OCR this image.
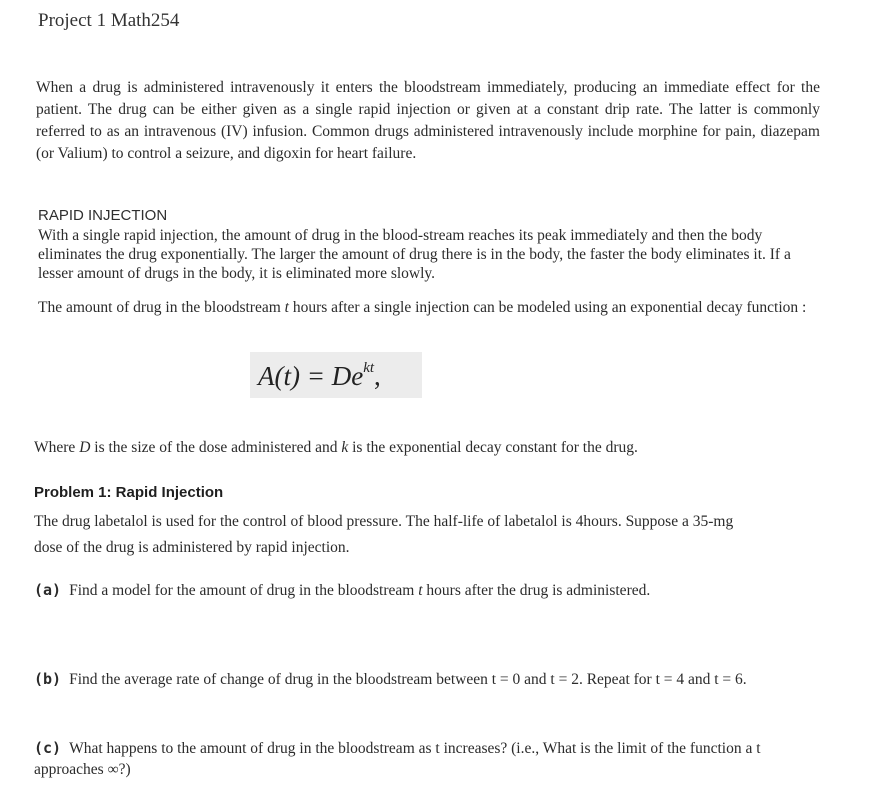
Project 1 Math254
When a drug is administered intravenously it enters the bloodstream immediately, producing an immediate effect for the patient. The drug can be either given as a single rapid injection or given at a constant drip rate. The latter is commonly referred to as an intravenous (IV) infusion. Common drugs administered intravenously include morphine for pain, diazepam (or Valium) to control a seizure, and digoxin for heart failure.
RAPID INJECTION
With a single rapid injection, the amount of drug in the blood-stream reaches its peak immediately and then the body eliminates the drug exponentially. The larger the amount of drug there is in the body, the faster the body eliminates it. If a lesser amount of drugs in the body, it is eliminated more slowly.
The amount of drug in the bloodstream t hours after a single injection can be modeled using an exponential decay function :
$A(t) = De^{kt}$,
Where D is the size of the dose administered and k is the exponential decay constant for the drug.
Problem 1: Rapid Injection
The drug labetalol is used for the control of blood pressure. The half-life of labetalol is 4hours. Suppose a 35-mg dose of the drug is administered by rapid injection.
(a) Find a model for the amount of drug in the bloodstream t hours after the drug is administered.
(b) Find the average rate of change of drug in the bloodstream between t = 0 and t = 2. Repeat for t = 4 and t = 6.
(c) What happens to the amount of drug in the bloodstream as t increases? (i.e., What is the limit of the function a t approaches ∞?)
